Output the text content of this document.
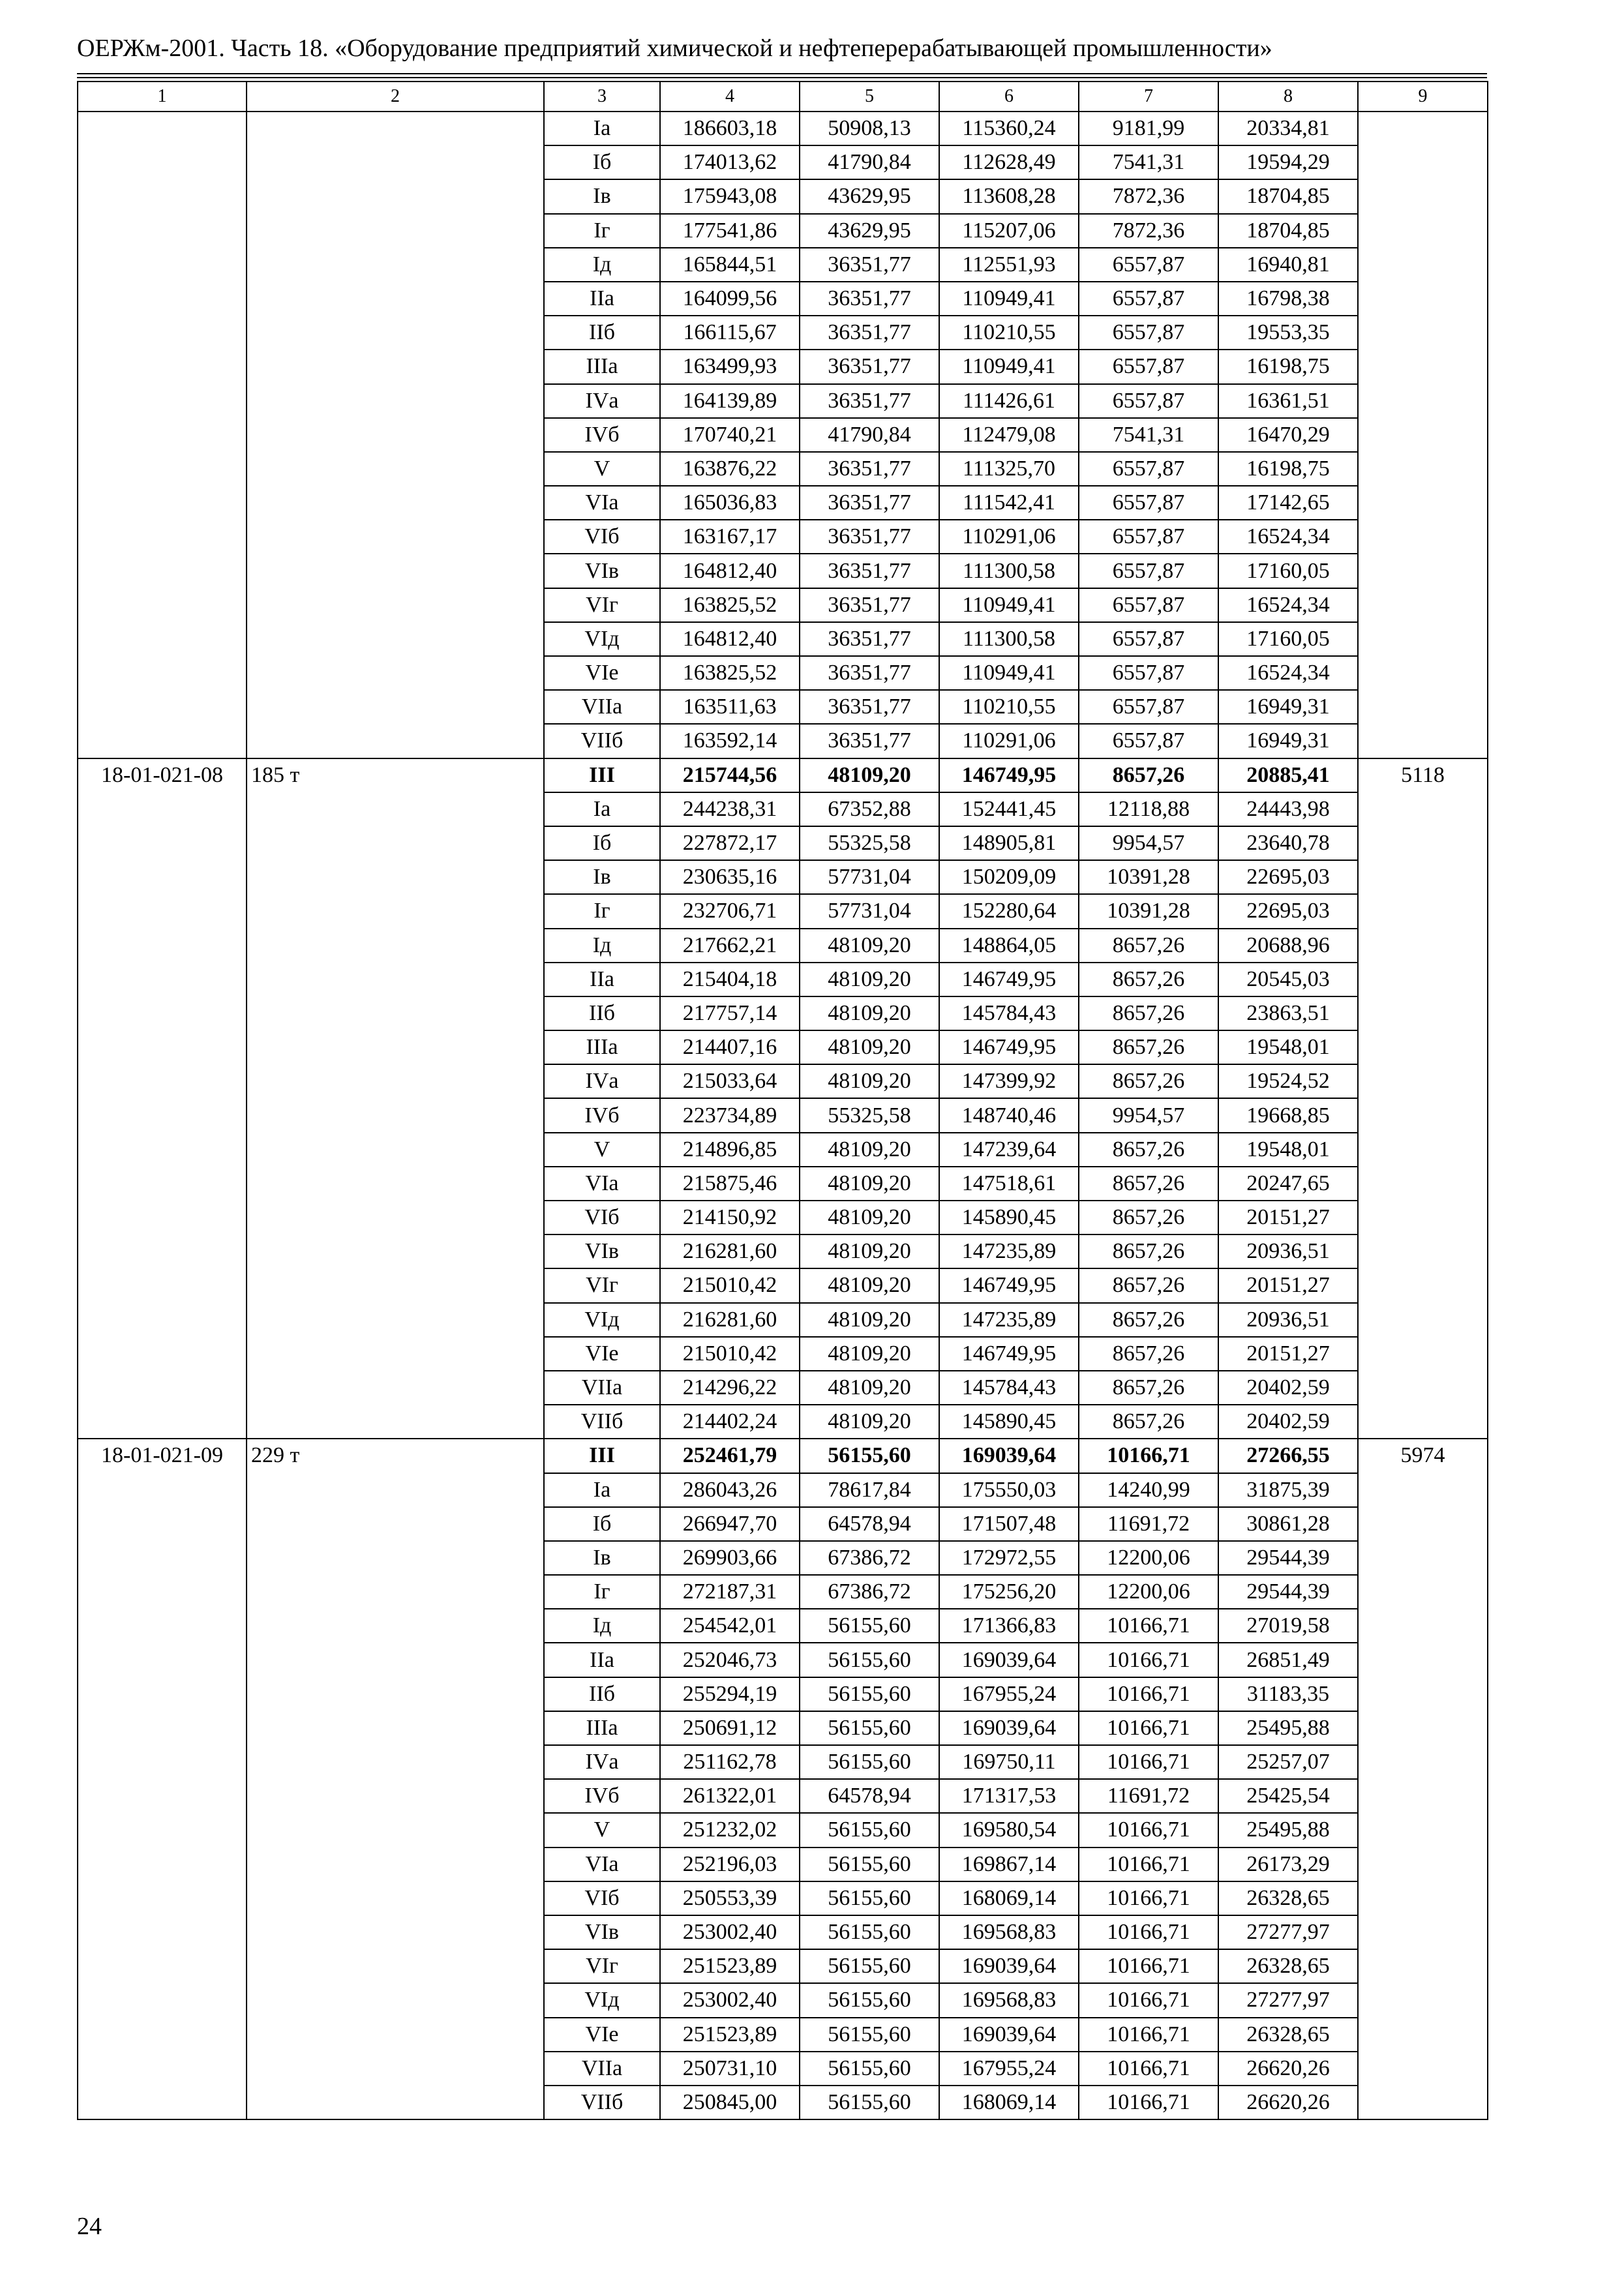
ОЕРЖм-2001. Часть 18. «Оборудование предприятий химической и нефтеперерабатывающей промышленности»
1	2	3	4	5	6	7	8	9
		Iа	186603,18	50908,13	115360,24	9181,99	20334,81	
		Iб	174013,62	41790,84	112628,49	7541,31	19594,29	
		Iв	175943,08	43629,95	113608,28	7872,36	18704,85	
		Iг	177541,86	43629,95	115207,06	7872,36	18704,85	
		Iд	165844,51	36351,77	112551,93	6557,87	16940,81	
		IIа	164099,56	36351,77	110949,41	6557,87	16798,38	
		IIб	166115,67	36351,77	110210,55	6557,87	19553,35	
		IIIа	163499,93	36351,77	110949,41	6557,87	16198,75	
		IVа	164139,89	36351,77	111426,61	6557,87	16361,51	
		IVб	170740,21	41790,84	112479,08	7541,31	16470,29	
		V	163876,22	36351,77	111325,70	6557,87	16198,75	
		VIа	165036,83	36351,77	111542,41	6557,87	17142,65	
		VIб	163167,17	36351,77	110291,06	6557,87	16524,34	
		VIв	164812,40	36351,77	111300,58	6557,87	17160,05	
		VIг	163825,52	36351,77	110949,41	6557,87	16524,34	
		VIд	164812,40	36351,77	111300,58	6557,87	17160,05	
		VIе	163825,52	36351,77	110949,41	6557,87	16524,34	
		VIIа	163511,63	36351,77	110210,55	6557,87	16949,31	
		VIIб	163592,14	36351,77	110291,06	6557,87	16949,31	
18-01-021-08	185 т	III	215744,56	48109,20	146749,95	8657,26	20885,41	5118
		Iа	244238,31	67352,88	152441,45	12118,88	24443,98	
		Iб	227872,17	55325,58	148905,81	9954,57	23640,78	
		Iв	230635,16	57731,04	150209,09	10391,28	22695,03	
		Iг	232706,71	57731,04	152280,64	10391,28	22695,03	
		Iд	217662,21	48109,20	148864,05	8657,26	20688,96	
		IIа	215404,18	48109,20	146749,95	8657,26	20545,03	
		IIб	217757,14	48109,20	145784,43	8657,26	23863,51	
		IIIа	214407,16	48109,20	146749,95	8657,26	19548,01	
		IVа	215033,64	48109,20	147399,92	8657,26	19524,52	
		IVб	223734,89	55325,58	148740,46	9954,57	19668,85	
		V	214896,85	48109,20	147239,64	8657,26	19548,01	
		VIа	215875,46	48109,20	147518,61	8657,26	20247,65	
		VIб	214150,92	48109,20	145890,45	8657,26	20151,27	
		VIв	216281,60	48109,20	147235,89	8657,26	20936,51	
		VIг	215010,42	48109,20	146749,95	8657,26	20151,27	
		VIд	216281,60	48109,20	147235,89	8657,26	20936,51	
		VIе	215010,42	48109,20	146749,95	8657,26	20151,27	
		VIIа	214296,22	48109,20	145784,43	8657,26	20402,59	
		VIIб	214402,24	48109,20	145890,45	8657,26	20402,59	
18-01-021-09	229 т	III	252461,79	56155,60	169039,64	10166,71	27266,55	5974
		Iа	286043,26	78617,84	175550,03	14240,99	31875,39	
		Iб	266947,70	64578,94	171507,48	11691,72	30861,28	
		Iв	269903,66	67386,72	172972,55	12200,06	29544,39	
		Iг	272187,31	67386,72	175256,20	12200,06	29544,39	
		Iд	254542,01	56155,60	171366,83	10166,71	27019,58	
		IIа	252046,73	56155,60	169039,64	10166,71	26851,49	
		IIб	255294,19	56155,60	167955,24	10166,71	31183,35	
		IIIа	250691,12	56155,60	169039,64	10166,71	25495,88	
		IVа	251162,78	56155,60	169750,11	10166,71	25257,07	
		IVб	261322,01	64578,94	171317,53	11691,72	25425,54	
		V	251232,02	56155,60	169580,54	10166,71	25495,88	
		VIа	252196,03	56155,60	169867,14	10166,71	26173,29	
		VIб	250553,39	56155,60	168069,14	10166,71	26328,65	
		VIв	253002,40	56155,60	169568,83	10166,71	27277,97	
		VIг	251523,89	56155,60	169039,64	10166,71	26328,65	
		VIд	253002,40	56155,60	169568,83	10166,71	27277,97	
		VIе	251523,89	56155,60	169039,64	10166,71	26328,65	
		VIIа	250731,10	56155,60	167955,24	10166,71	26620,26	
		VIIб	250845,00	56155,60	168069,14	10166,71	26620,26	
24
